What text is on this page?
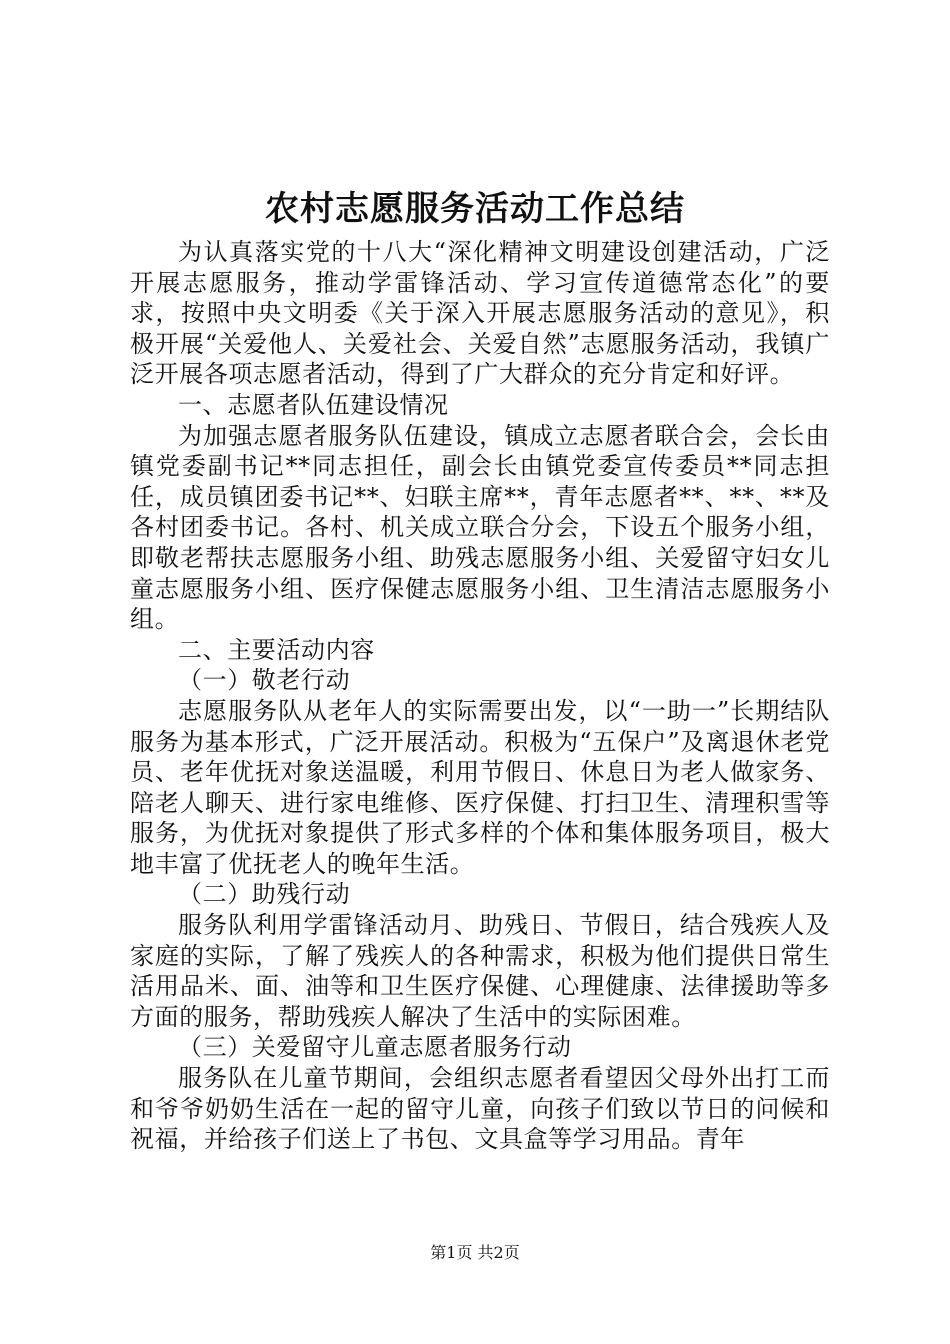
农村志愿服务活动工作总结

为认真落实党的十八大“深化精神文明建设创建活动，广泛开展志愿服务，推动学雷锋活动、学习宣传道德常态化”的要求，按照中央文明委《关于深入开展志愿服务活动的意见》，积极开展“关爱他人、关爱社会、关爱自然”志愿服务活动，我镇广泛开展各项志愿者活动，得到了广大群众的充分肯定和好评。

一、志愿者队伍建设情况

为加强志愿者服务队伍建设，镇成立志愿者联合会，会长由镇党委副书记**同志担任，副会长由镇党委宣传委员**同志担任，成员镇团委书记**、妇联主席**，青年志愿者**、**、**及各村团委书记。各村、机关成立联合分会，下设五个服务小组，即敬老帮扶志愿服务小组、助残志愿服务小组、关爱留守妇女儿童志愿服务小组、医疗保健志愿服务小组、卫生清洁志愿服务小组。

二、主要活动内容

（一）敬老行动

志愿服务队从老年人的实际需要出发，以“一助一”长期结队服务为基本形式，广泛开展活动。积极为“五保户”及离退休老党员、老年优抚对象送温暖，利用节假日、休息日为老人做家务、陪老人聊天、进行家电维修、医疗保健、打扫卫生、清理积雪等服务，为优抚对象提供了形式多样的个体和集体服务项目，极大地丰富了优抚老人的晚年生活。

（二）助残行动

服务队利用学雷锋活动月、助残日、节假日，结合残疾人及家庭的实际，了解了残疾人的各种需求，积极为他们提供日常生活用品米、面、油等和卫生医疗保健、心理健康、法律援助等多方面的服务，帮助残疾人解决了生活中的实际困难。

（三）关爱留守儿童志愿者服务行动

服务队在儿童节期间，会组织志愿者看望因父母外出打工而和爷爷奶奶生活在一起的留守儿童，向孩子们致以节日的问候和祝福，并给孩子们送上了书包、文具盒等学习用品。青年

第1页 共2页
